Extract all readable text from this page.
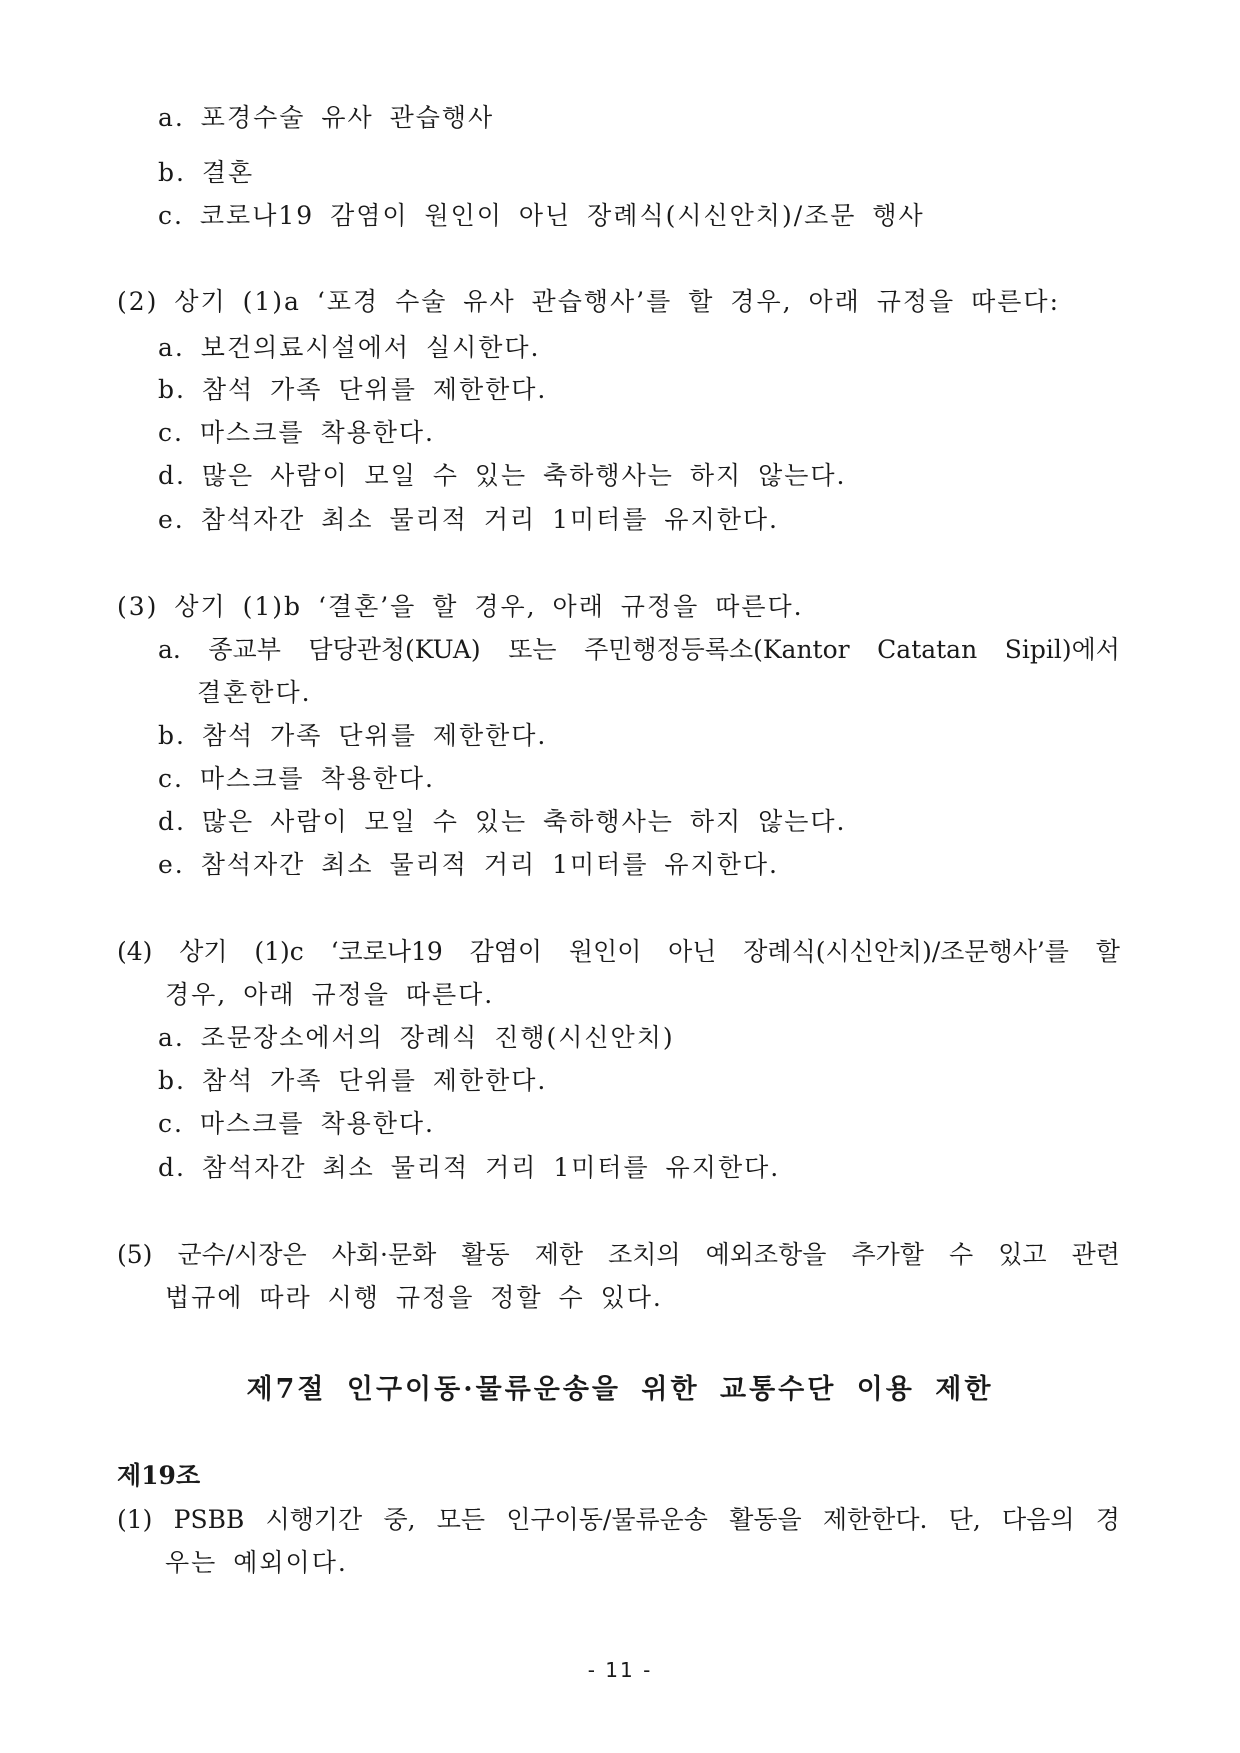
a. 포경수술 유사 관습행사
b. 결혼
c. 코로나19 감염이 원인이 아닌 장례식(시신안치)/조문 행사
(2) 상기 (1)a ‘포경 수술 유사 관습행사’를 할 경우, 아래 규정을 따른다:
a. 보건의료시설에서 실시한다.
b. 참석 가족 단위를 제한한다.
c. 마스크를 착용한다.
d. 많은 사람이 모일 수 있는 축하행사는 하지 않는다.
e. 참석자간 최소 물리적 거리 1미터를 유지한다.
(3) 상기 (1)b ‘결혼’을 할 경우, 아래 규정을 따른다.
a. 종교부 담당관청(KUA) 또는 주민행정등록소(Kantor Catatan Sipil)에서
결혼한다.
b. 참석 가족 단위를 제한한다.
c. 마스크를 착용한다.
d. 많은 사람이 모일 수 있는 축하행사는 하지 않는다.
e. 참석자간 최소 물리적 거리 1미터를 유지한다.
(4) 상기 (1)c ‘코로나19 감염이 원인이 아닌 장례식(시신안치)/조문행사’를 할
경우, 아래 규정을 따른다.
a. 조문장소에서의 장례식 진행(시신안치)
b. 참석 가족 단위를 제한한다.
c. 마스크를 착용한다.
d. 참석자간 최소 물리적 거리 1미터를 유지한다.
(5) 군수/시장은 사회·문화 활동 제한 조치의 예외조항을 추가할 수 있고 관련
법규에 따라 시행 규정을 정할 수 있다.
제7절 인구이동·물류운송을 위한 교통수단 이용 제한
제19조
(1) PSBB 시행기간 중, 모든 인구이동/물류운송 활동을 제한한다. 단, 다음의 경
우는 예외이다.
- 11 -
